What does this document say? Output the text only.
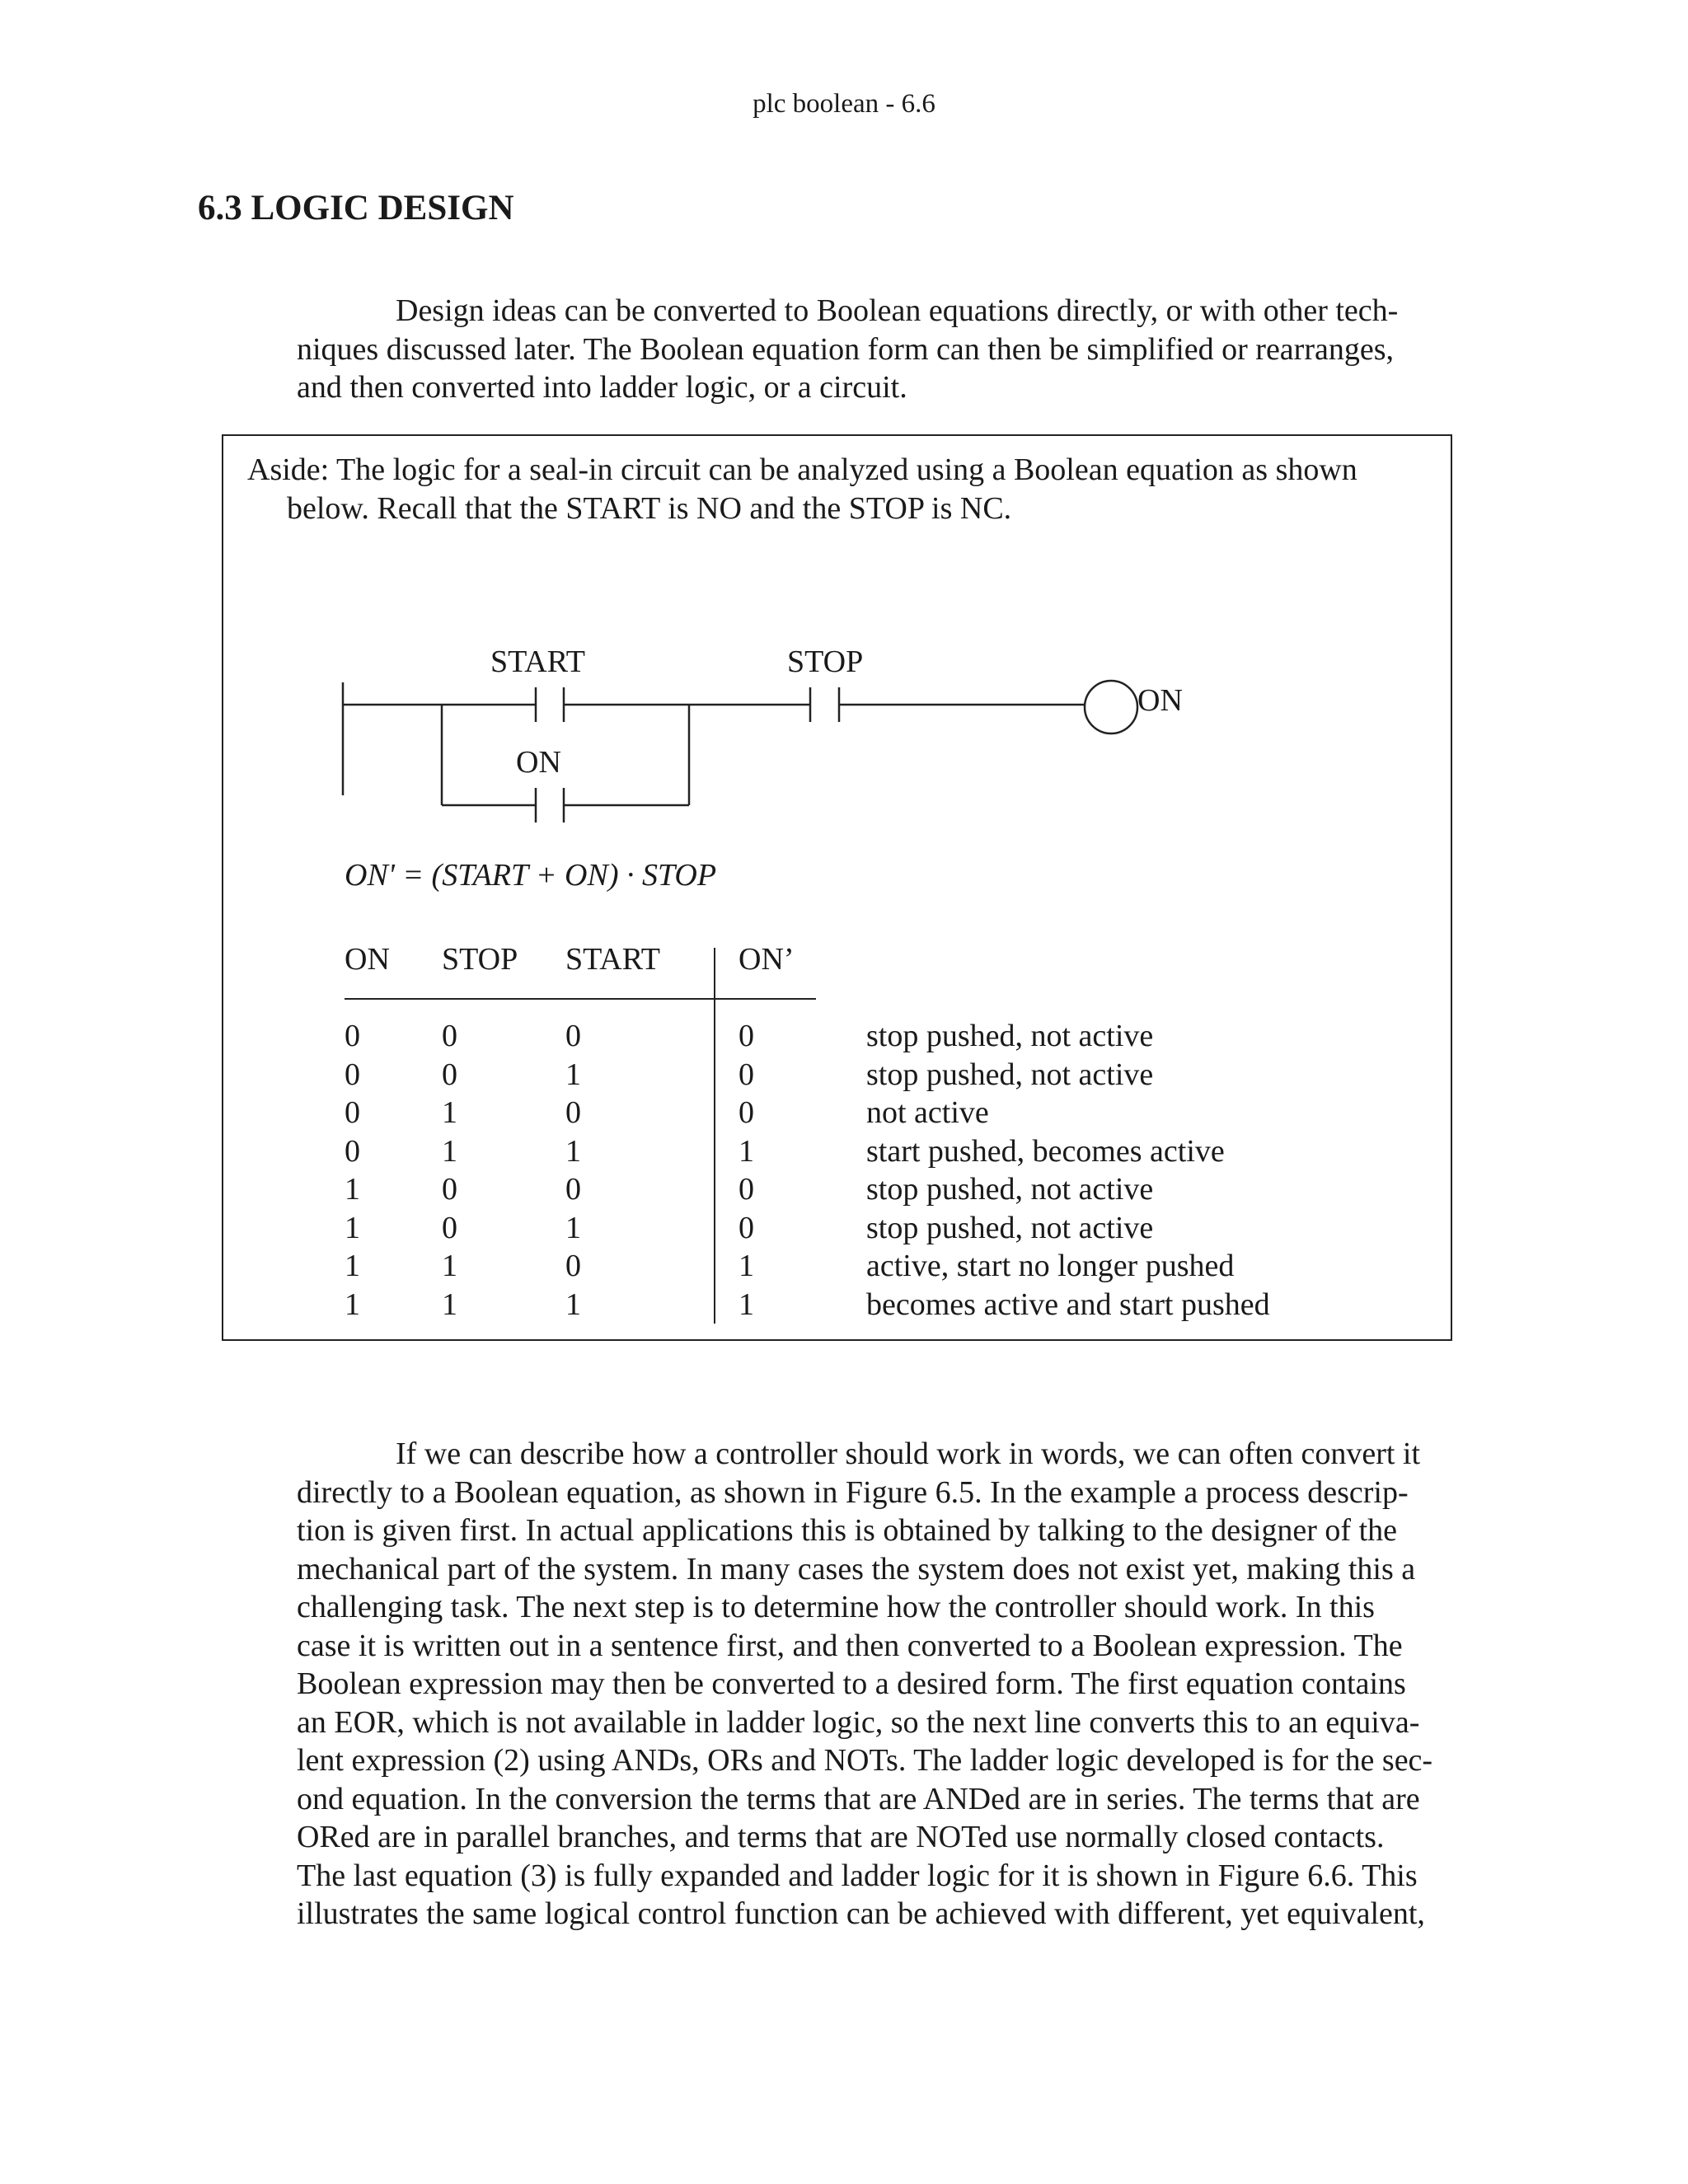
plc boolean - 6.6
6.3 LOGIC DESIGN

Design ideas can be converted to Boolean equations directly, or with other tech-
niques discussed later. The Boolean equation form can then be simplified or rearranges,
and then converted into ladder logic, or a circuit.

Aside: The logic for a seal-in circuit can be analyzed using a Boolean equation as shown
below. Recall that the START is NO and the STOP is NC.

START
ON
STOP
ON
ON' = (START + ON) · STOP
ON STOP START ON’

0
0
0
0
1
1
1
1

0
0
1
1
0
0
1
1

0
1
0
1
0
1
0
1

0
0
0
1
0
0
1
1

stop pushed, not active
stop pushed, not active
not active
start pushed, becomes active
stop pushed, not active
stop pushed, not active
active, start no longer pushed
becomes active and start pushed

If we can describe how a controller should work in words, we can often convert it
directly to a Boolean equation, as shown in Figure 6.5. In the example a process descrip-
tion is given first. In actual applications this is obtained by talking to the designer of the
mechanical part of the system. In many cases the system does not exist yet, making this a
challenging task. The next step is to determine how the controller should work. In this
case it is written out in a sentence first, and then converted to a Boolean expression. The
Boolean expression may then be converted to a desired form. The first equation contains
an EOR, which is not available in ladder logic, so the next line converts this to an equiva-
lent expression (2) using ANDs, ORs and NOTs. The ladder logic developed is for the sec-
ond equation. In the conversion the terms that are ANDed are in series. The terms that are
ORed are in parallel branches, and terms that are NOTed use normally closed contacts.
The last equation (3) is fully expanded and ladder logic for it is shown in Figure 6.6. This
illustrates the same logical control function can be achieved with different, yet equivalent,
